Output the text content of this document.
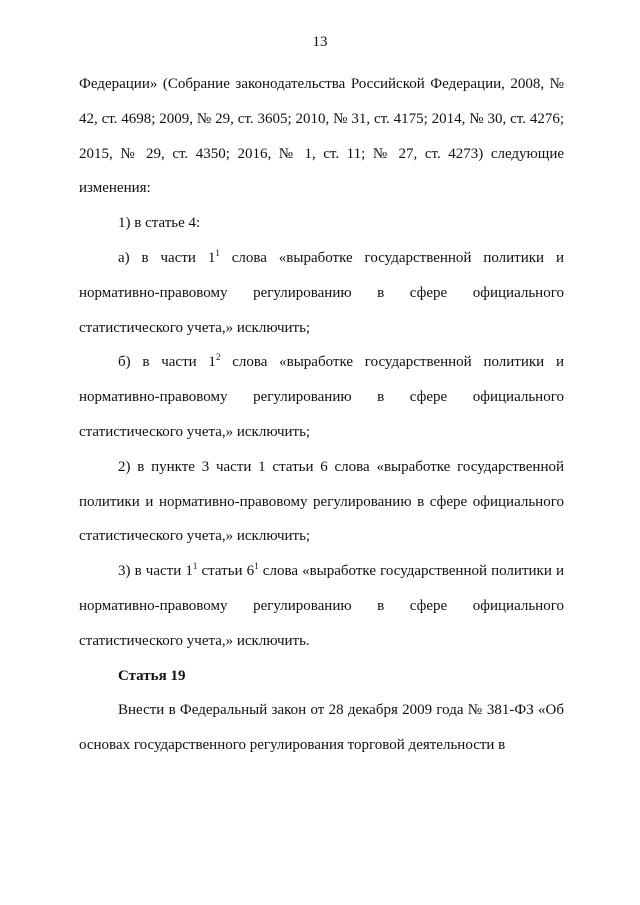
13

Федерации» (Собрание законодательства Российской Федерации, 2008, № 42, ст. 4698; 2009, № 29, ст. 3605; 2010, № 31, ст. 4175; 2014, № 30, ст. 4276; 2015, № 29, ст. 4350; 2016, № 1, ст. 11; № 27, ст. 4273) следующие изменения:

1) в статье 4:

а) в части $1^1$ слова «выработке государственной политики и нормативно-правовому регулированию в сфере официального статистического учета,» исключить;

б) в части $1^2$ слова «выработке государственной политики и нормативно-правовому регулированию в сфере официального статистического учета,» исключить;

2) в пункте 3 части 1 статьи 6 слова «выработке государственной политики и нормативно-правовому регулированию в сфере официального статистического учета,» исключить;

3) в части $1^1$ статьи $6^1$ слова «выработке государственной политики и нормативно-правовому регулированию в сфере официального статистического учета,» исключить.

Статья 19

Внести в Федеральный закон от 28 декабря 2009 года № 381-ФЗ «Об основах государственного регулирования торговой деятельности в
